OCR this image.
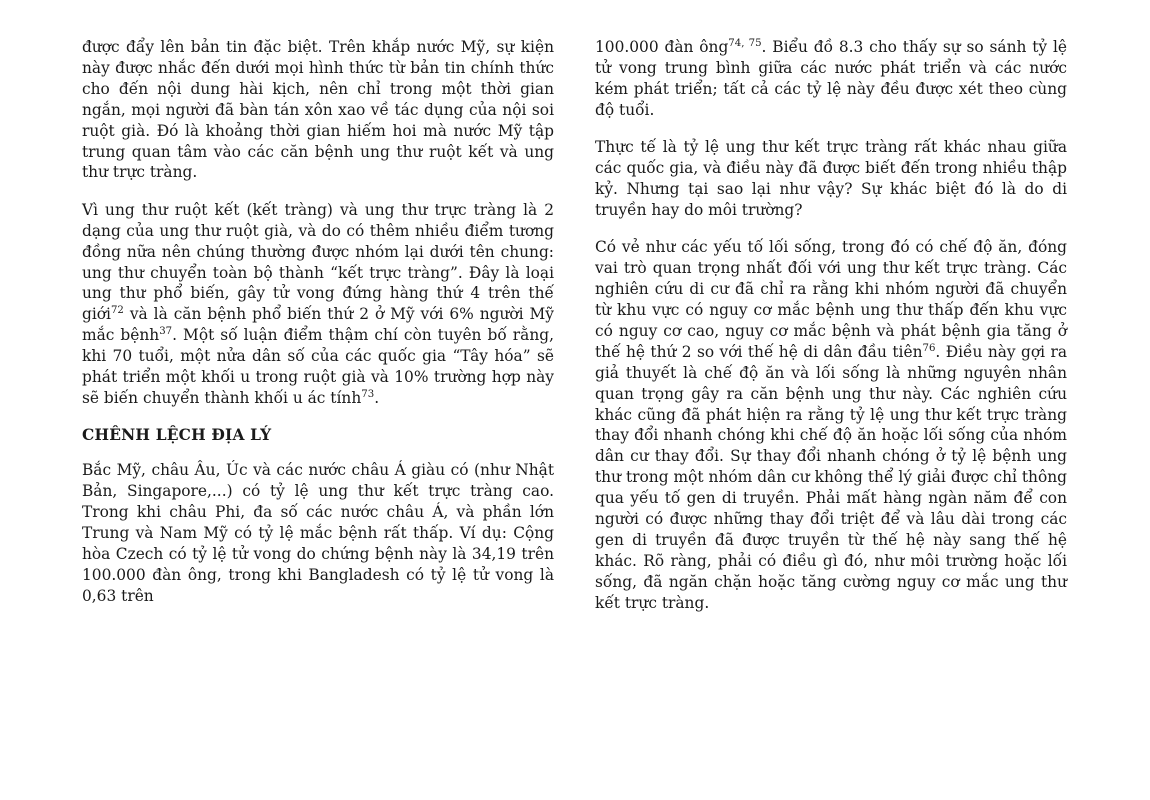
được đẩy lên bản tin đặc biệt. Trên khắp nước Mỹ, sự kiện này được nhắc đến dưới mọi hình thức từ bản tin chính thức cho đến nội dung hài kịch, nên chỉ trong một thời gian ngắn, mọi người đã bàn tán xôn xao về tác dụng của nội soi ruột già. Đó là khoảng thời gian hiếm hoi mà nước Mỹ tập trung quan tâm vào các căn bệnh ung thư ruột kết và ung thư trực tràng.

Vì ung thư ruột kết (kết tràng) và ung thư trực tràng là 2 dạng của ung thư ruột già, và do có thêm nhiều điểm tương đồng nữa nên chúng thường được nhóm lại dưới tên chung: ung thư chuyển toàn bộ thành “kết trực tràng”. Đây là loại ung thư phổ biến, gây tử vong đứng hàng thứ 4 trên thế giới$^{72}$ và là căn bệnh phổ biến thứ 2 ở Mỹ với 6% người Mỹ mắc bệnh$^{37}$. Một số luận điểm thậm chí còn tuyên bố rằng, khi 70 tuổi, một nửa dân số của các quốc gia “Tây hóa” sẽ phát triển một khối u trong ruột già và 10% trường hợp này sẽ biến chuyển thành khối u ác tính$^{73}$.

CHÊNH LỆCH ĐỊA LÝ

Bắc Mỹ, châu Âu, Úc và các nước châu Á giàu có (như Nhật Bản, Singapore,...) có tỷ lệ ung thư kết trực tràng cao. Trong khi châu Phi, đa số các nước châu Á, và phần lớn Trung và Nam Mỹ có tỷ lệ mắc bệnh rất thấp. Ví dụ: Cộng hòa Czech có tỷ lệ tử vong do chứng bệnh này là 34,19 trên 100.000 đàn ông, trong khi Bangladesh có tỷ lệ tử vong là 0,63 trên

100.000 đàn ông$^{74, 75}$. Biểu đồ 8.3 cho thấy sự so sánh tỷ lệ tử vong trung bình giữa các nước phát triển và các nước kém phát triển; tất cả các tỷ lệ này đều được xét theo cùng độ tuổi.

Thực tế là tỷ lệ ung thư kết trực tràng rất khác nhau giữa các quốc gia, và điều này đã được biết đến trong nhiều thập kỷ. Nhưng tại sao lại như vậy? Sự khác biệt đó là do di truyền hay do môi trường?

Có vẻ như các yếu tố lối sống, trong đó có chế độ ăn, đóng vai trò quan trọng nhất đối với ung thư kết trực tràng. Các nghiên cứu di cư đã chỉ ra rằng khi nhóm người đã chuyển từ khu vực có nguy cơ mắc bệnh ung thư thấp đến khu vực có nguy cơ cao, nguy cơ mắc bệnh và phát bệnh gia tăng ở thế hệ thứ 2 so với thế hệ di dân đầu tiên$^{76}$. Điều này gợi ra giả thuyết là chế độ ăn và lối sống là những nguyên nhân quan trọng gây ra căn bệnh ung thư này. Các nghiên cứu khác cũng đã phát hiện ra rằng tỷ lệ ung thư kết trực tràng thay đổi nhanh chóng khi chế độ ăn hoặc lối sống của nhóm dân cư thay đổi. Sự thay đổi nhanh chóng ở tỷ lệ bệnh ung thư trong một nhóm dân cư không thể lý giải được chỉ thông qua yếu tố gen di truyền. Phải mất hàng ngàn năm để con người có được những thay đổi triệt để và lâu dài trong các gen di truyền đã được truyền từ thế hệ này sang thế hệ khác. Rõ ràng, phải có điều gì đó, như môi trường hoặc lối sống, đã ngăn chặn hoặc tăng cường nguy cơ mắc ung thư kết trực tràng.
